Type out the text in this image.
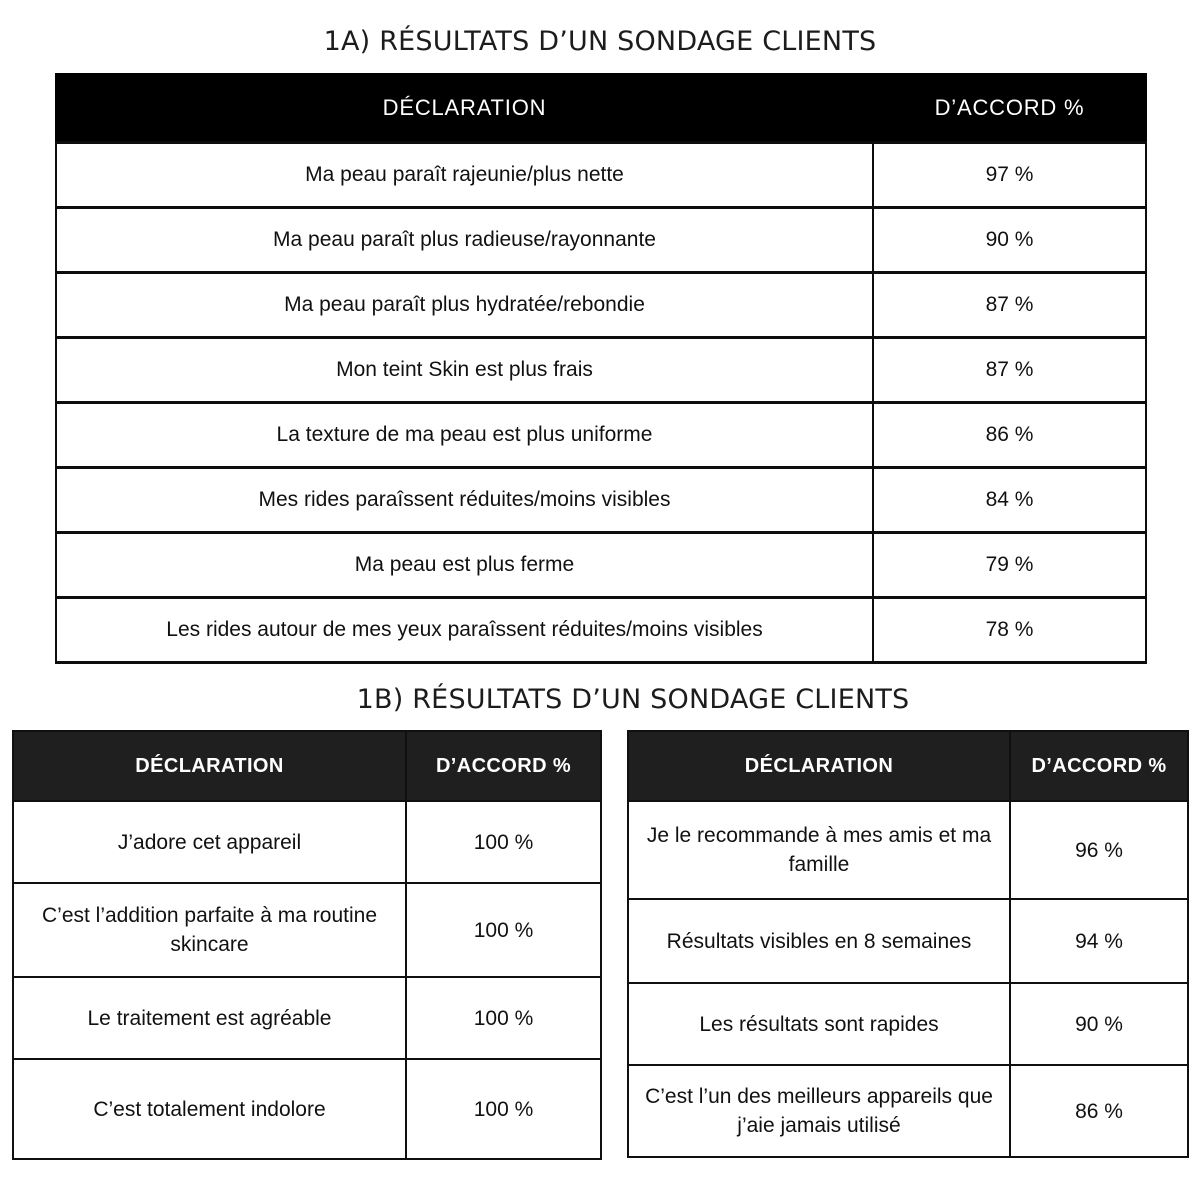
1A) RÉSULTATS D’UN SONDAGE CLIENTS
DÉCLARATION	D’ACCORD %
Ma peau paraît rajeunie/plus nette	97 %
Ma peau paraît plus radieuse/rayonnante	90 %
Ma peau paraît plus hydratée/rebondie	87 %
Mon teint Skin est plus frais	87 %
La texture de ma peau est plus uniforme	86 %
Mes rides paraîssent réduites/moins visibles	84 %
Ma peau est plus ferme	79 %
Les rides autour de mes yeux paraîssent réduites/moins visibles	78 %
1B) RÉSULTATS D’UN SONDAGE CLIENTS
DÉCLARATION	D’ACCORD %
J’adore cet appareil	100 %
C’est l’addition parfaite à ma routine skincare	100 %
Le traitement est agréable	100 %
C’est totalement indolore	100 %
DÉCLARATION	D’ACCORD %
Je le recommande à mes amis et ma famille	96 %
Résultats visibles en 8 semaines	94 %
Les résultats sont rapides	90 %
C’est l’un des meilleurs appareils que j’aie jamais utilisé	86 %
